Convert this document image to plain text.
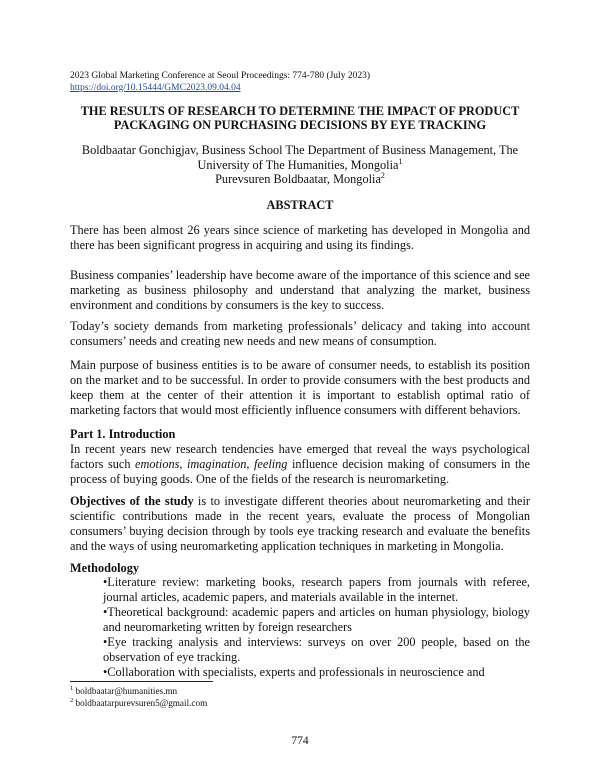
2023 Global Marketing Conference at Seoul Proceedings: 774-780 (July 2023)
https://doi.org/10.15444/GMC2023.09.04.04
THE RESULTS OF RESEARCH TO DETERMINE THE IMPACT OF PRODUCT
PACKAGING ON PURCHASING DECISIONS BY EYE TRACKING
Boldbaatar Gonchigjav, Business School The Department of Business Management, The
University of The Humanities, Mongolia$^1$
Purevsuren Boldbaatar, Mongolia$^2$
ABSTRACT

There has been almost 26 years since science of marketing has developed in Mongolia and there has been significant progress in acquiring and using its findings.

Business companies’ leadership have become aware of the importance of this science and see marketing as business philosophy and understand that analyzing the market, business environment and conditions by consumers is the key to success.

Today’s society demands from marketing professionals’ delicacy and taking into account consumers’ needs and creating new needs and new means of consumption.

Main purpose of business entities is to be aware of consumer needs, to establish its position on the market and to be successful. In order to provide consumers with the best products and keep them at the center of their attention it is important to establish optimal ratio of marketing factors that would most efficiently influence consumers with different behaviors.

Part 1. Introduction

In recent years new research tendencies have emerged that reveal the ways psychological factors such emotions, imagination, feeling influence decision making of consumers in the process of buying goods. One of the fields of the research is neuromarketing.

Objectives of the study is to investigate different theories about neuromarketing and their scientific contributions made in the recent years, evaluate the process of Mongolian consumers’ buying decision through by tools eye tracking research and evaluate the benefits and the ways of using neuromarketing application techniques in marketing in Mongolia.

Methodology

•Literature review: marketing books, research papers from journals with referee, journal articles, academic papers, and materials available in the internet.

•Theoretical background: academic papers and articles on human physiology, biology and neuromarketing written by foreign researchers

•Eye tracking analysis and interviews: surveys on over 200 people, based on the observation of eye tracking.

•Collaboration with specialists, experts and professionals in neuroscience and

$^1$ boldbaatar@humanities.mn
$^2$ boldbaatarpurevsuren5@gmail.com
774
